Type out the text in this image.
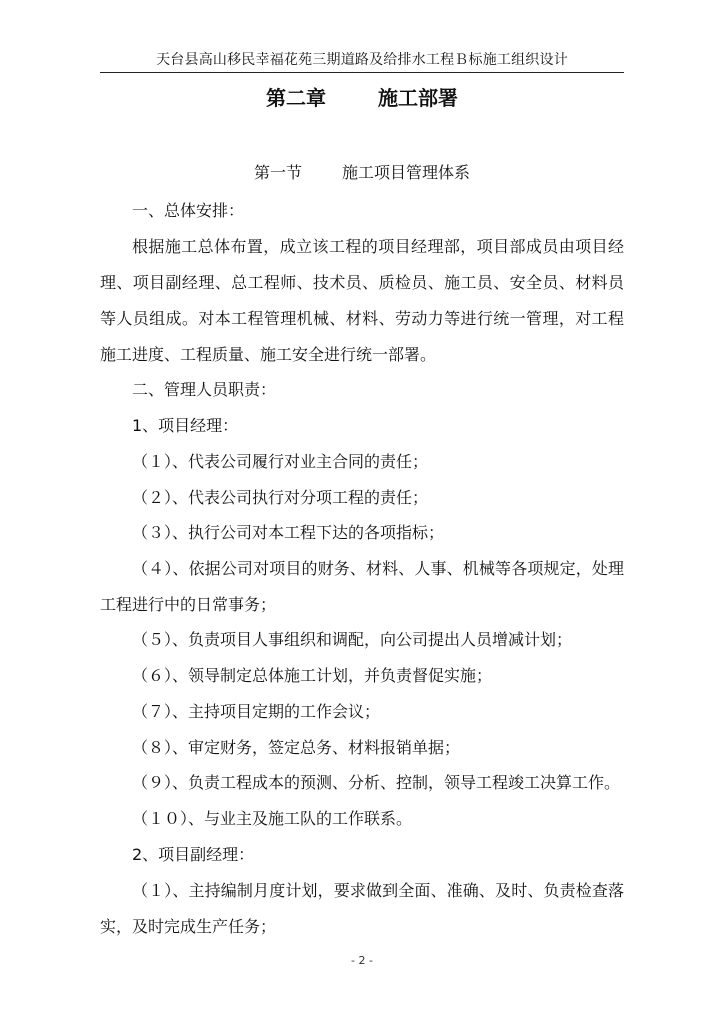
天台县高山移民幸福花苑三期道路及给排水工程Ｂ标施工组织设计
第二章	施工部署
第一节	施工项目管理体系
一、总体安排：
根据施工总体布置，成立该工程的项目经理部，项目部成员由项目经
理、项目副经理、总工程师、技术员、质检员、施工员、安全员、材料员
等人员组成。对本工程管理机械、材料、劳动力等进行统一管理，对工程
施工进度、工程质量、施工安全进行统一部署。
二、管理人员职责：
1、项目经理：
（１）、代表公司履行对业主合同的责任；
（２）、代表公司执行对分项工程的责任；
（３）、执行公司对本工程下达的各项指标；
（４）、依据公司对项目的财务、材料、人事、机械等各项规定，处理
工程进行中的日常事务；
（５）、负责项目人事组织和调配，向公司提出人员增减计划；
（６）、领导制定总体施工计划，并负责督促实施；
（７）、主持项目定期的工作会议；
（８）、审定财务，签定总务、材料报销单据；
（９）、负责工程成本的预测、分析、控制，领导工程竣工决算工作。
（１０）、与业主及施工队的工作联系。
2、项目副经理：
（１）、主持编制月度计划，要求做到全面、准确、及时、负责检查落
实，及时完成生产任务；
- 2 -
